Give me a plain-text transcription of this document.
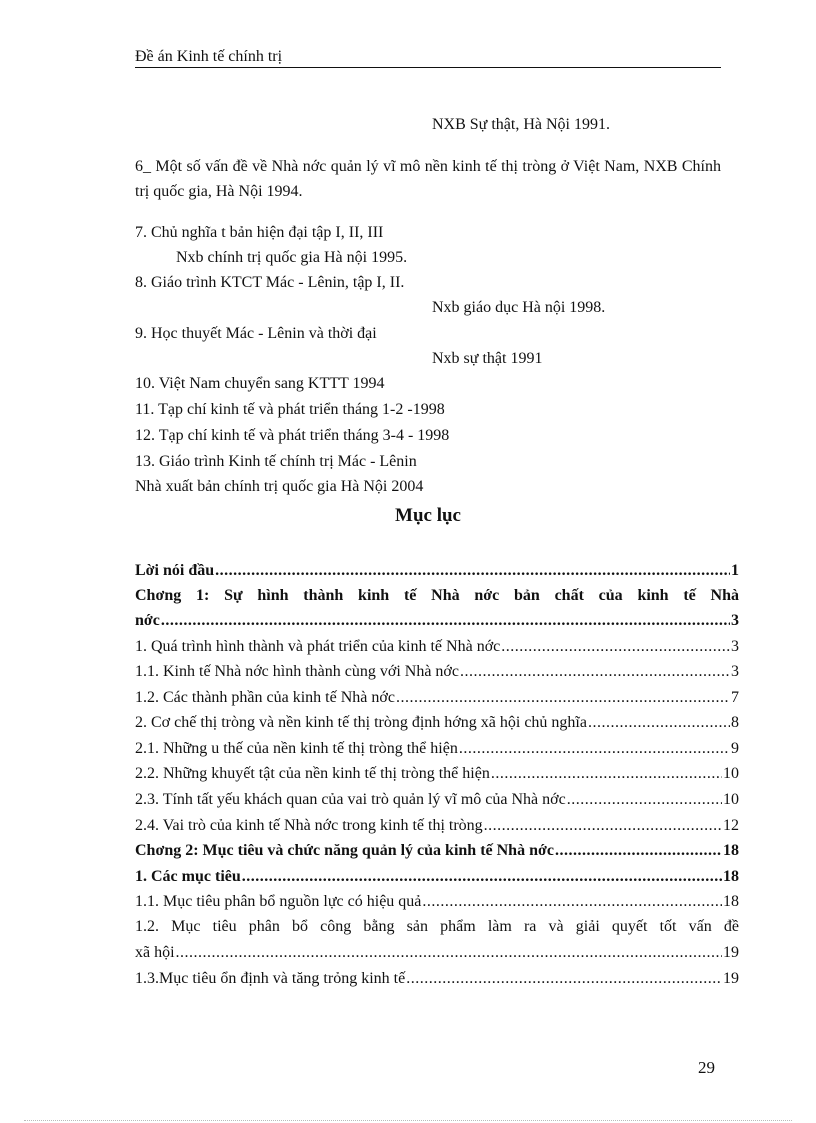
Đề án Kinh tế chính trị
NXB Sự thật, Hà Nội 1991.
6_ Một số vấn đề về Nhà nớc quản lý vĩ mô nền kinh tế thị tròng ở Việt Nam, NXB Chính trị quốc gia, Hà Nội 1994.
7. Chủ nghĩa t bản hiện đại tập I, II, III
Nxb chính trị quốc gia Hà nội 1995.
8. Giáo trình KTCT Mác - Lênin, tập I, II.
Nxb giáo dục Hà nội 1998.
9. Học thuyết Mác - Lênin và thời đại
Nxb sự thật 1991
10. Việt Nam chuyển sang KTTT 1994
11. Tạp chí kinh tế và phát triển tháng 1-2 -1998
12. Tạp chí kinh tế và phát triển tháng 3-4 - 1998
13. Giáo trình Kinh tế chính trị Mác - Lênin
Nhà xuất bản chính trị quốc gia Hà Nội 2004
Mục lục
Lời nói đầu .....	1
Chơng 1: Sự hình thành kinh tế Nhà nớc bản chất của kinh tế Nhà
nớc .....	3
1. Quá trình hình thành và phát triển của kinh tế Nhà nớc .....	3
1.1. Kinh tế Nhà nớc hình thành cùng với Nhà nớc .....	3
1.2. Các thành phần của kinh tế Nhà nớc .....	7
2. Cơ chế thị tròng và nền kinh tế thị tròng định hớng xã hội chủ nghĩa .....	8
2.1. Những u thế của nền kinh tế thị tròng thể hiện .....	9
2.2. Những khuyết tật của nền kinh tế thị tròng thể hiện .....	10
2.3. Tính tất yếu khách quan của vai trò quản lý vĩ mô của Nhà nớc .....	10
2.4. Vai trò của kinh tế Nhà nớc trong kinh tế thị tròng .....	12
Chơng 2: Mục tiêu và chức năng quản lý của kinh tế Nhà nớc .....	18
1. Các mục tiêu .....	18
1.1. Mục tiêu phân bổ nguồn lực có hiệu quả .....	18
1.2. Mục tiêu phân bổ công bằng sản phẩm làm ra và giải quyết tốt vấn đề
xã hội .....	19
1.3.Mục tiêu ổn định và tăng trỏng kinh tế .....	19
29
